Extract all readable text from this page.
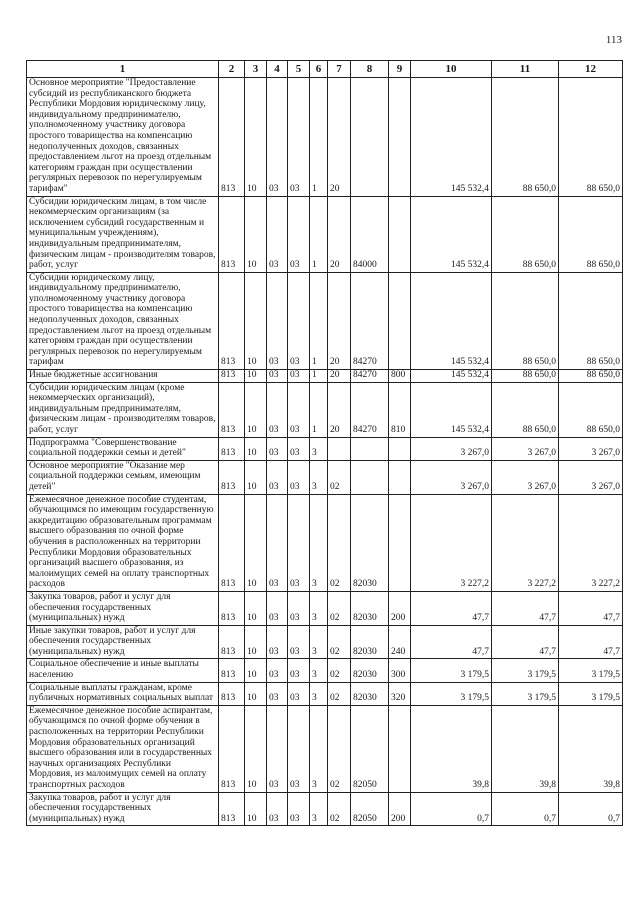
113
1	2	3	4	5	6	7	8	9	10	11	12
Основное мероприятие "Предоставление субсидий из республиканского бюджета Республики Мордовия юридическому лицу, индивидуальному предпринимателю, уполномоченному участнику договора простого товарищества на компенсацию недополученных доходов, связанных предоставлением льгот на проезд отдельным категориям граждан при осуществлении регулярных перевозок по нерегулируемым тарифам"	813	10	03	03	1	20			145 532,4	88 650,0	88 650,0
Субсидии юридическим лицам, в том числе некоммерческим организациям (за исключением субсидий государственным и муниципальным учреждениям), индивидуальным предпринимателям, физическим лицам - производителям товаров, работ, услуг	813	10	03	03	1	20	84000		145 532,4	88 650,0	88 650,0
Субсидии юридическому лицу, индивидуальному предпринимателю, уполномоченному участнику договора простого товарищества на компенсацию недополученных доходов, связанных предоставлением льгот на проезд отдельным категориям граждан при осуществлении регулярных перевозок по нерегулируемым тарифам	813	10	03	03	1	20	84270		145 532,4	88 650,0	88 650,0
Иные бюджетные ассигнования	813	10	03	03	1	20	84270	800	145 532,4	88 650,0	88 650,0
Субсидии юридическим лицам (кроме некоммерческих организаций), индивидуальным предпринимателям, физическим лицам - производителям товаров, работ, услуг	813	10	03	03	1	20	84270	810	145 532,4	88 650,0	88 650,0
Подпрограмма "Совершенствование социальной поддержки семьи и детей"	813	10	03	03	3				3 267,0	3 267,0	3 267,0
Основное мероприятие "Оказание мер социальной поддержки семьям, имеющим детей"	813	10	03	03	3	02			3 267,0	3 267,0	3 267,0
Ежемесячное денежное пособие студентам, обучающимся по имеющим государственную аккредитацию образовательным программам высшего образования по очной форме обучения в расположенных на территории Республики Мордовия образовательных организаций высшего образования, из малоимущих семей на оплату транспортных расходов	813	10	03	03	3	02	82030		3 227,2	3 227,2	3 227,2
Закупка товаров, работ и услуг для обеспечения государственных (муниципальных) нужд	813	10	03	03	3	02	82030	200	47,7	47,7	47,7
Иные закупки товаров, работ и услуг для обеспечения государственных (муниципальных) нужд	813	10	03	03	3	02	82030	240	47,7	47,7	47,7
Социальное обеспечение и иные выплаты населению	813	10	03	03	3	02	82030	300	3 179,5	3 179,5	3 179,5
Социальные выплаты гражданам, кроме публичных нормативных социальных выплат	813	10	03	03	3	02	82030	320	3 179,5	3 179,5	3 179,5
Ежемесячное денежное пособие аспирантам, обучающимся по очной форме обучения в расположенных на территории Республики Мордовия образовательных организаций высшего образования или в государственных научных организациях Республики Мордовия, из малоимущих семей на оплату транспортных расходов	813	10	03	03	3	02	82050		39,8	39,8	39,8
Закупка товаров, работ и услуг для обеспечения государственных (муниципальных) нужд	813	10	03	03	3	02	82050	200	0,7	0,7	0,7
